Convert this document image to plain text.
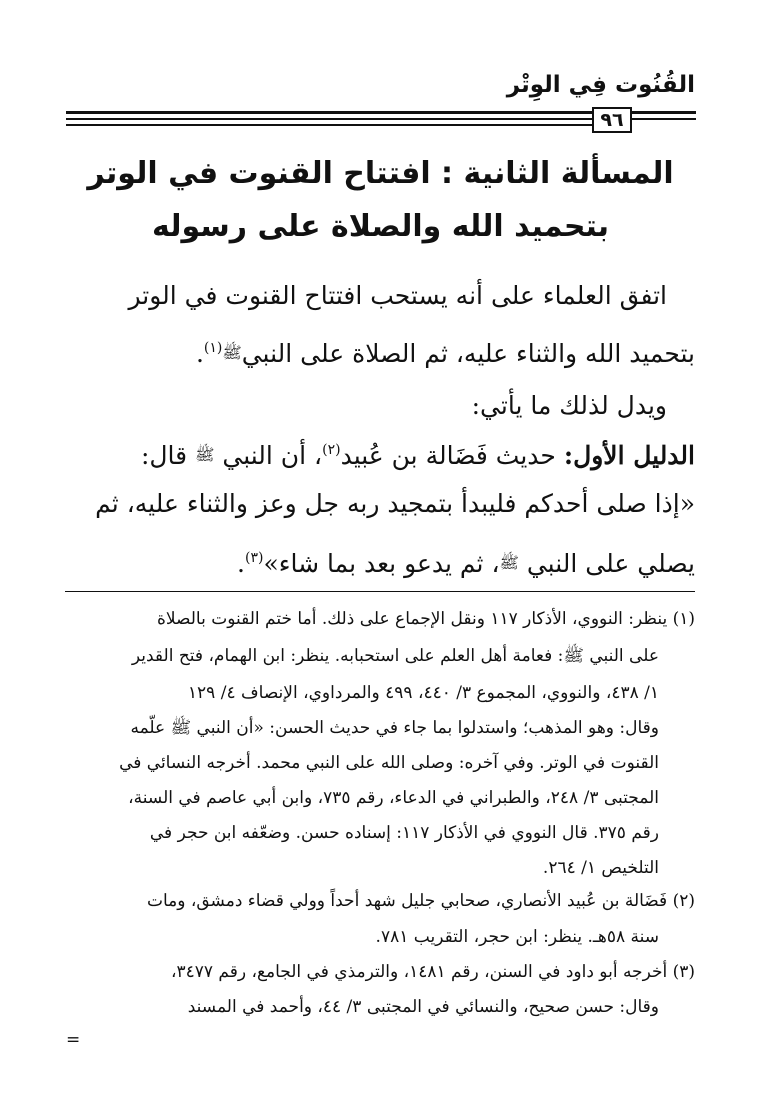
القُنُوت فِي الوِتْر
٩٦
المسألة الثانية : افتتاح القنوت في الوتر
بتحميد الله والصلاة على رسوله

اتفق العلماء على أنه يستحب افتتاح القنوت في الوتر

بتحميد الله والثناء عليه، ثم الصلاة على النبيﷺ$^{(١)}$.

ويدل لذلك ما يأتي:

الدليل الأول: حديث فَضَالة بن عُبيد$^{(٢)}$، أن النبي ﷺ قال:

«إذا صلى أحدكم فليبدأ بتمجيد ربه جل وعز والثناء عليه، ثم

يصلي على النبي ﷺ، ثم يدعو بعد بما شاء»$^{(٣)}$.

(١) ينظر: النووي، الأذكار ١١٧ ونقل الإجماع على ذلك. أما ختم القنوت بالصلاة

على النبي ﷺ: فعامة أهل العلم على استحبابه. ينظر: ابن الهمام، فتح القدير

١/ ٤٣٨، والنووي، المجموع ٣/ ٤٤٠، ٤٩٩ والمرداوي، الإنصاف ٤/ ١٢٩

وقال: وهو المذهب؛ واستدلوا بما جاء في حديث الحسن: «أن النبي ﷺ علّمه

القنوت في الوتر. وفي آخره: وصلى الله على النبي محمد. أخرجه النسائي في

المجتبى ٣/ ٢٤٨، والطبراني في الدعاء، رقم ٧٣٥، وابن أبي عاصم في السنة،

رقم ٣٧٥. قال النووي في الأذكار ١١٧: إسناده حسن. وضعّفه ابن حجر في

التلخيص ١/ ٢٦٤.

(٢) فَضَالة بن عُبيد الأنصاري، صحابي جليل شهد أحداً وولي قضاء دمشق، ومات

سنة ٥٨هـ. ينظر: ابن حجر، التقريب ٧٨١.

(٣) أخرجه أبو داود في السنن، رقم ١٤٨١، والترمذي في الجامع، رقم ٣٤٧٧،

وقال: حسن صحيح، والنسائي في المجتبى ٣/ ٤٤، وأحمد في المسند

=
